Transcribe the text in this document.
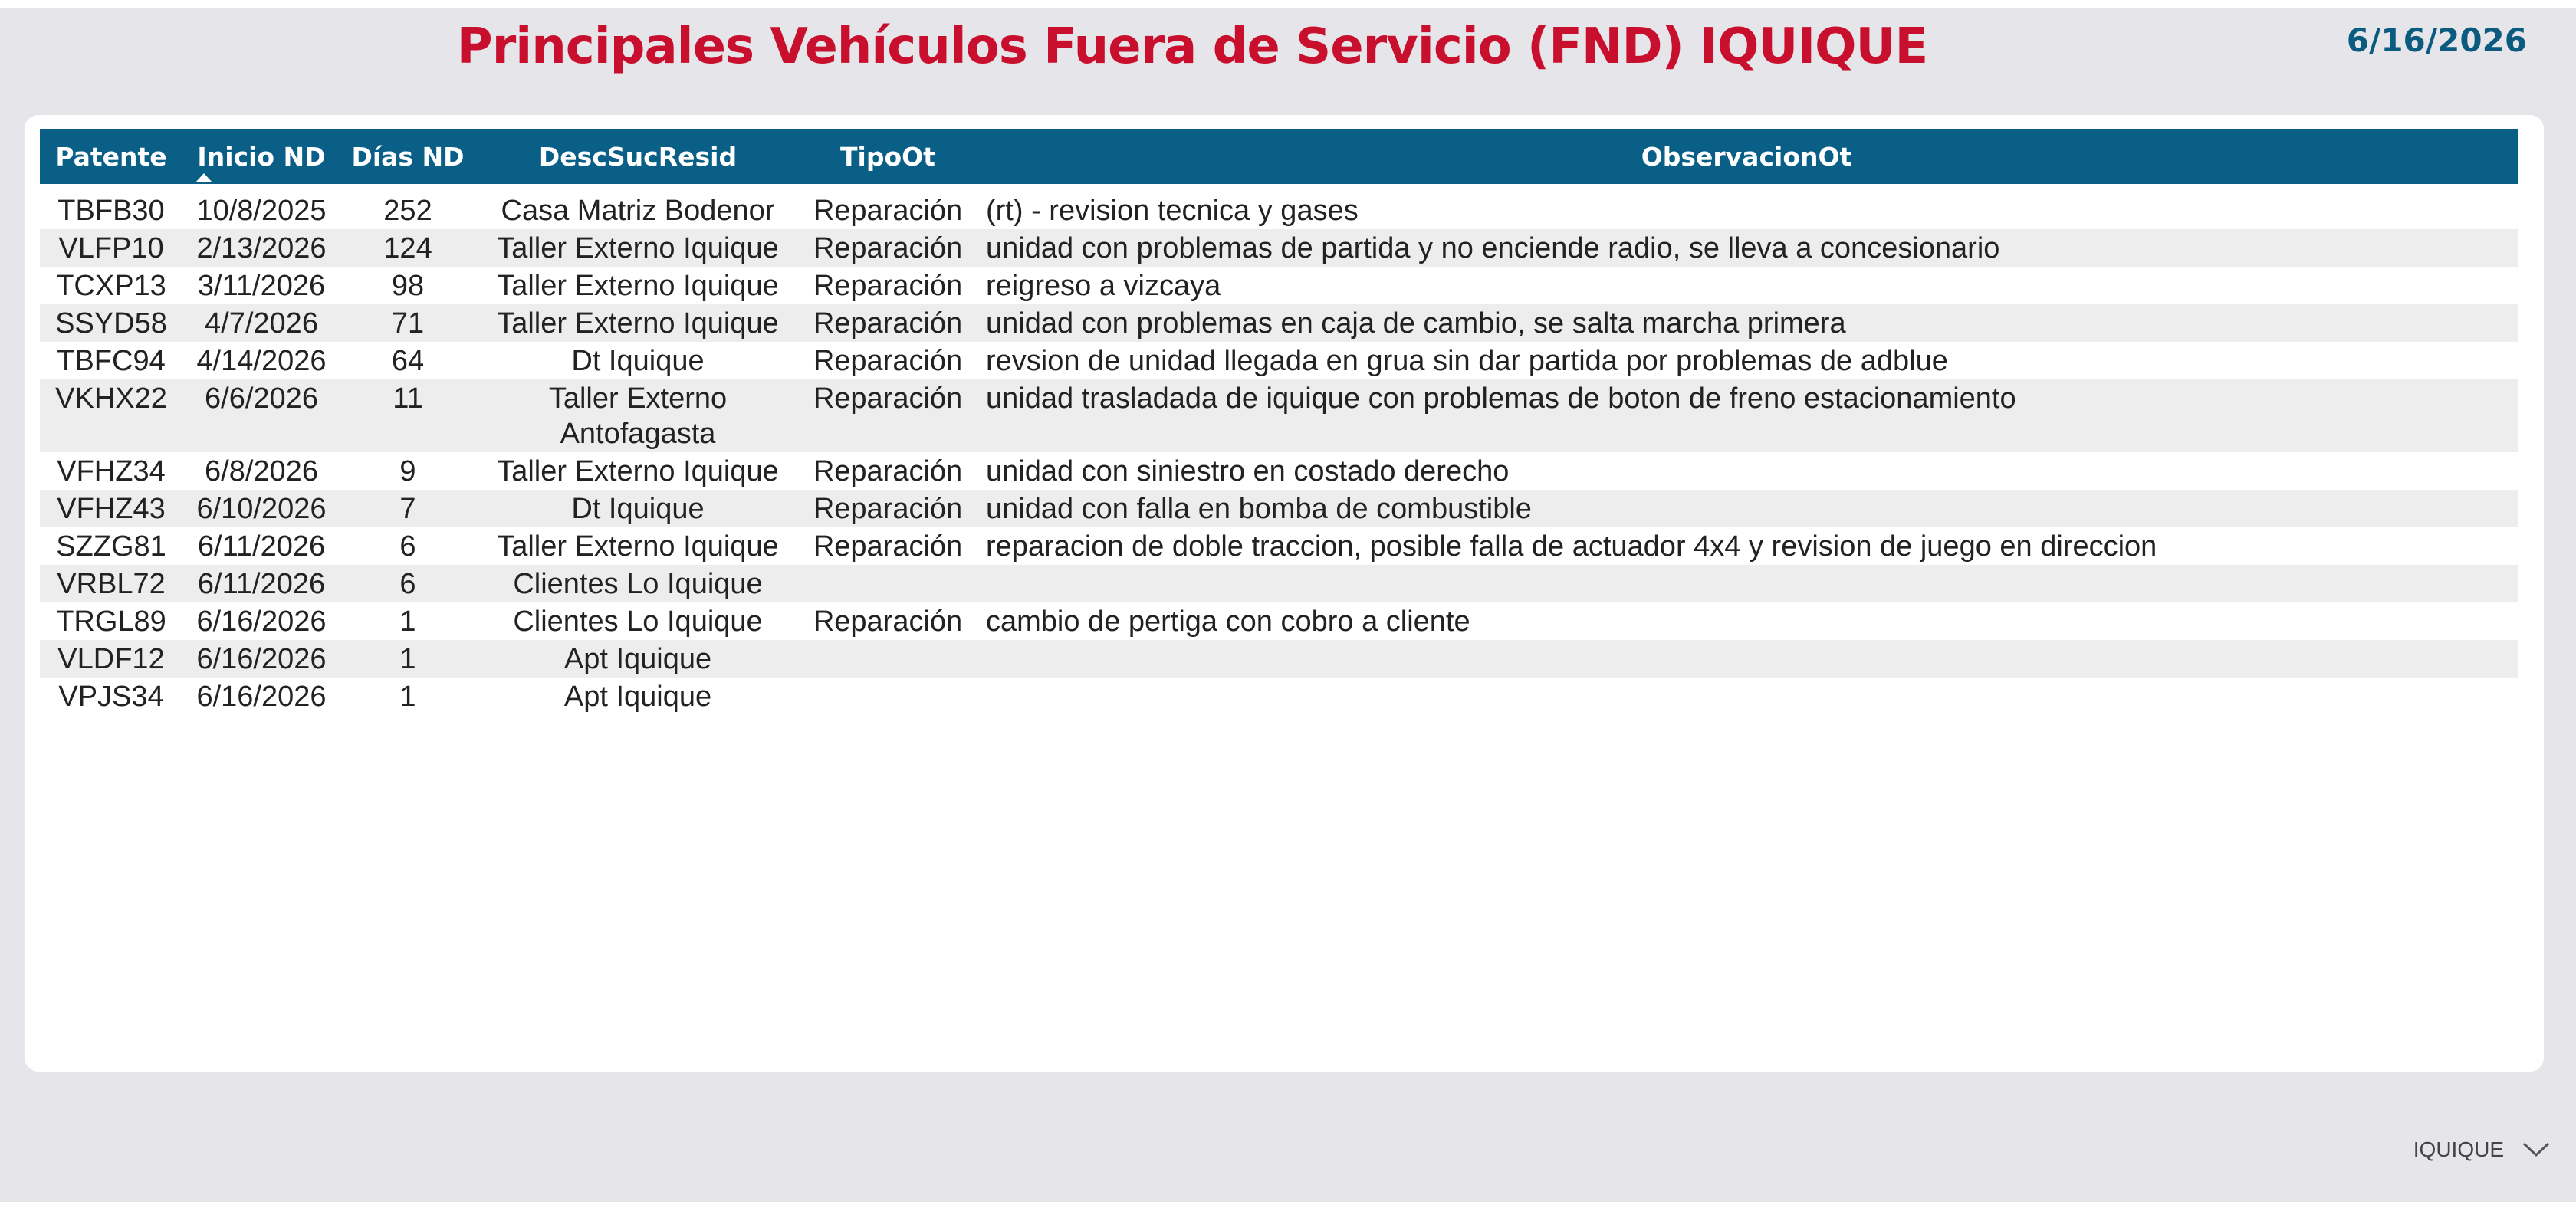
Principales Vehículos Fuera de Servicio (FND) IQUIQUE	6/16/2026
Patente	Inicio ND	Días ND	DescSucResid	TipoOt	ObservacionOt

TBFB30	10/8/2025	252	Casa Matriz Bodenor	Reparación	(rt) - revision tecnica y gases
VLFP10	2/13/2026	124	Taller Externo Iquique	Reparación	unidad con problemas de partida y no enciende radio, se lleva a concesionario
TCXP13	3/11/2026	98	Taller Externo Iquique	Reparación	reigreso a vizcaya
SSYD58	4/7/2026	71	Taller Externo Iquique	Reparación	unidad con problemas en caja de cambio, se salta marcha primera
TBFC94	4/14/2026	64	Dt Iquique	Reparación	revsion de unidad llegada en grua sin dar partida por problemas de adblue
VKHX22	6/6/2026	11	Taller Externo Antofagasta	Reparación	unidad trasladada de iquique con problemas de boton de freno estacionamiento
VFHZ34	6/8/2026	9	Taller Externo Iquique	Reparación	unidad con siniestro en costado derecho
VFHZ43	6/10/2026	7	Dt Iquique	Reparación	unidad con falla en bomba de combustible
SZZG81	6/11/2026	6	Taller Externo Iquique	Reparación	reparacion de doble traccion, posible falla de actuador 4x4 y revision de juego en direccion
VRBL72	6/11/2026	6	Clientes Lo Iquique		
TRGL89	6/16/2026	1	Clientes Lo Iquique	Reparación	cambio de pertiga con cobro a cliente
VLDF12	6/16/2026	1	Apt Iquique		
VPJS34	6/16/2026	1	Apt Iquique		
IQUIQUE
